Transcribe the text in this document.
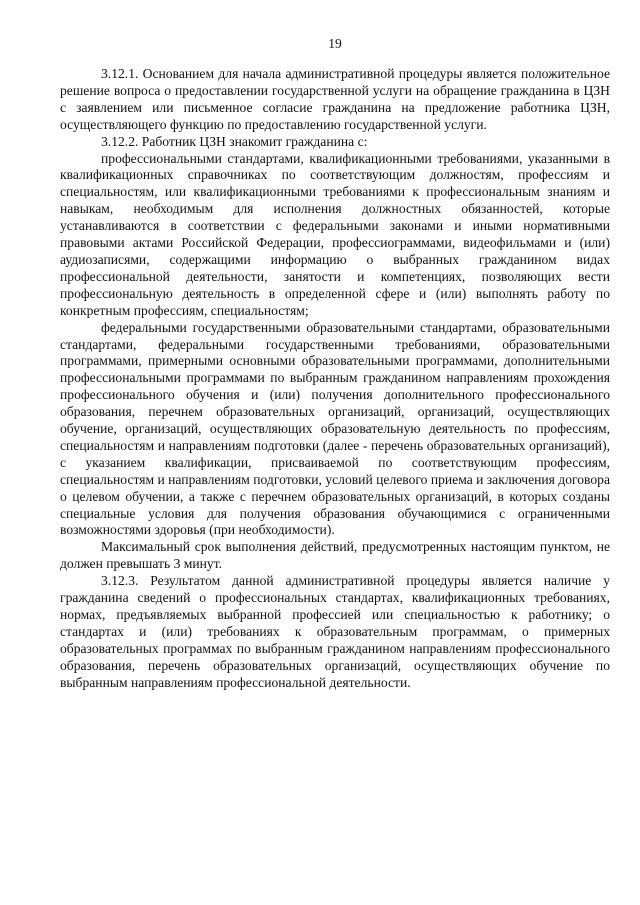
19

3.12.1. Основанием для начала административной процедуры является положительное решение вопроса о предоставлении государственной услуги на обращение гражданина в ЦЗН с заявлением или письменное согласие гражданина на предложение работника ЦЗН, осуществляющего функцию по предоставлению государственной услуги.

3.12.2. Работник ЦЗН знакомит гражданина с:

профессиональными стандартами, квалификационными требованиями, указанными в квалификационных справочниках по соответствующим должностям, профессиям и специальностям, или квалификационными требованиями к профессиональным знаниям и навыкам, необходимым для исполнения должностных обязанностей, которые устанавливаются в соответствии с федеральными законами и иными нормативными правовыми актами Российской Федерации, профессиограммами, видеофильмами и (или) аудиозаписями, содержащими информацию о выбранных гражданином видах профессиональной деятельности, занятости и компетенциях, позволяющих вести профессиональную деятельность в определенной сфере и (или) выполнять работу по конкретным профессиям, специальностям;

федеральными государственными образовательными стандартами, образовательными стандартами, федеральными государственными требованиями, образовательными программами, примерными основными образовательными программами, дополнительными профессиональными программами по выбранным гражданином направлениям прохождения профессионального обучения и (или) получения дополнительного профессионального образования, перечнем образовательных организаций, организаций, осуществляющих обучение, организаций, осуществляющих образовательную деятельность по профессиям, специальностям и направлениям подготовки (далее - перечень образовательных организаций), с указанием квалификации, присваиваемой по соответствующим профессиям, специальностям и направлениям подготовки, условий целевого приема и заключения договора о целевом обучении, а также с перечнем образовательных организаций, в которых созданы специальные условия для получения образования обучающимися с ограниченными возможностями здоровья (при необходимости).

Максимальный срок выполнения действий, предусмотренных настоящим пунктом, не должен превышать 3 минут.

3.12.3. Результатом данной административной процедуры является наличие у гражданина сведений о профессиональных стандартах, квалификационных требованиях, нормах, предъявляемых выбранной профессией или специальностью к работнику; о стандартах и (или) требованиях к образовательным программам, о примерных образовательных программах по выбранным гражданином направлениям профессионального образования, перечень образовательных организаций, осуществляющих обучение по выбранным направлениям профессиональной деятельности.
